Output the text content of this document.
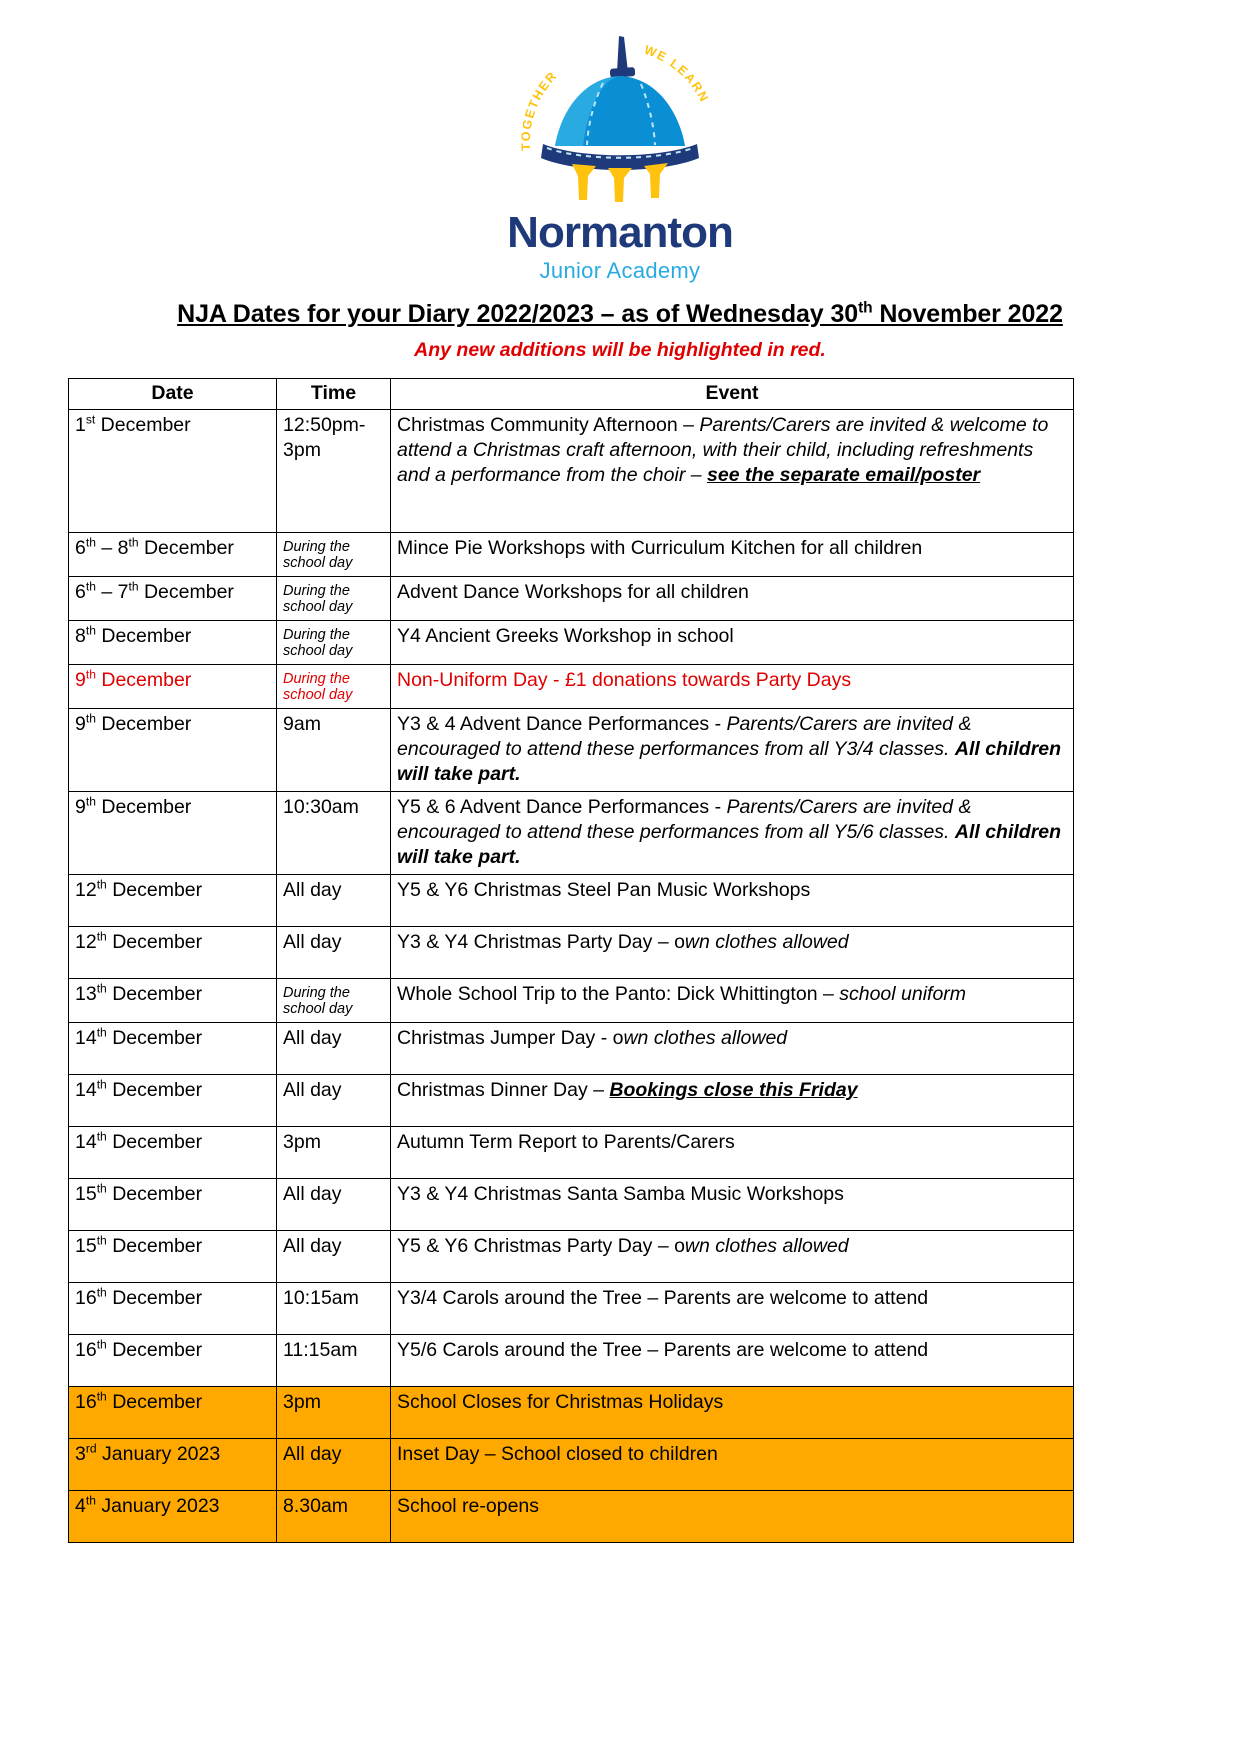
TOGETHER
WE LEARN
Normanton
Junior Academy
NJA Dates for your Diary 2022/2023 – as of Wednesday 30th November 2022
Any new additions will be highlighted in red.
Date	Time	Event
1st December	12:50pm-3pm	Christmas Community Afternoon – Parents/Carers are invited & welcome to attend a Christmas craft afternoon, with their child, including refreshments and a performance from the choir – see the separate email/poster
6th – 8th December	During the school day	Mince Pie Workshops with Curriculum Kitchen for all children
6th – 7th December	During the school day	Advent Dance Workshops for all children
8th December	During the school day	Y4 Ancient Greeks Workshop in school
9th December	During the school day	Non-Uniform Day - £1 donations towards Party Days
9th December	9am	Y3 & 4 Advent Dance Performances - Parents/Carers are invited & encouraged to attend these performances from all Y3/4 classes. All children will take part.
9th December	10:30am	Y5 & 6 Advent Dance Performances - Parents/Carers are invited & encouraged to attend these performances from all Y5/6 classes. All children will take part.
12th December	All day	Y5 & Y6 Christmas Steel Pan Music Workshops
12th December	All day	Y3 & Y4 Christmas Party Day – own clothes allowed
13th December	During the school day	Whole School Trip to the Panto: Dick Whittington – school uniform
14th December	All day	Christmas Jumper Day - own clothes allowed
14th December	All day	Christmas Dinner Day – Bookings close this Friday
14th December	3pm	Autumn Term Report to Parents/Carers
15th December	All day	Y3 & Y4 Christmas Santa Samba Music Workshops
15th December	All day	Y5 & Y6 Christmas Party Day – own clothes allowed
16th December	10:15am	Y3/4 Carols around the Tree – Parents are welcome to attend
16th December	11:15am	Y5/6 Carols around the Tree – Parents are welcome to attend
16th December	3pm	School Closes for Christmas Holidays
3rd January 2023	All day	Inset Day – School closed to children
4th January 2023	8.30am	School re-opens
